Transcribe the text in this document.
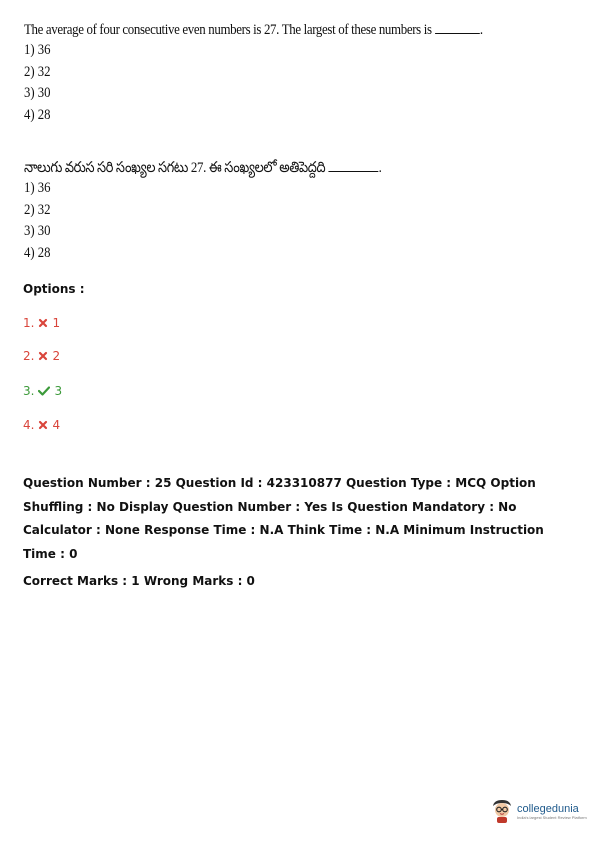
The average of four consecutive even numbers is 27. The largest of these numbers is	.
1) 36
2) 32
3) 30
4) 28
నాలుగు వరుస సరి సంఖ్యల సగటు 27. ఈ సంఖ్యలలో అతిపెద్దది	.
1) 36
2) 32
3) 30
4) 28
Options :
1. 1
2. 2
3. 3
4. 4

Question Number : 25 Question Id : 423310877 Question Type : MCQ Option Shuffling : No Display Question Number : Yes Is Question Mandatory : No Calculator : None Response Time : N.A Think Time : N.A Minimum Instruction Time : 0

Correct Marks : 1 Wrong Marks : 0

collegedunia
India's largest Student Review Platform
